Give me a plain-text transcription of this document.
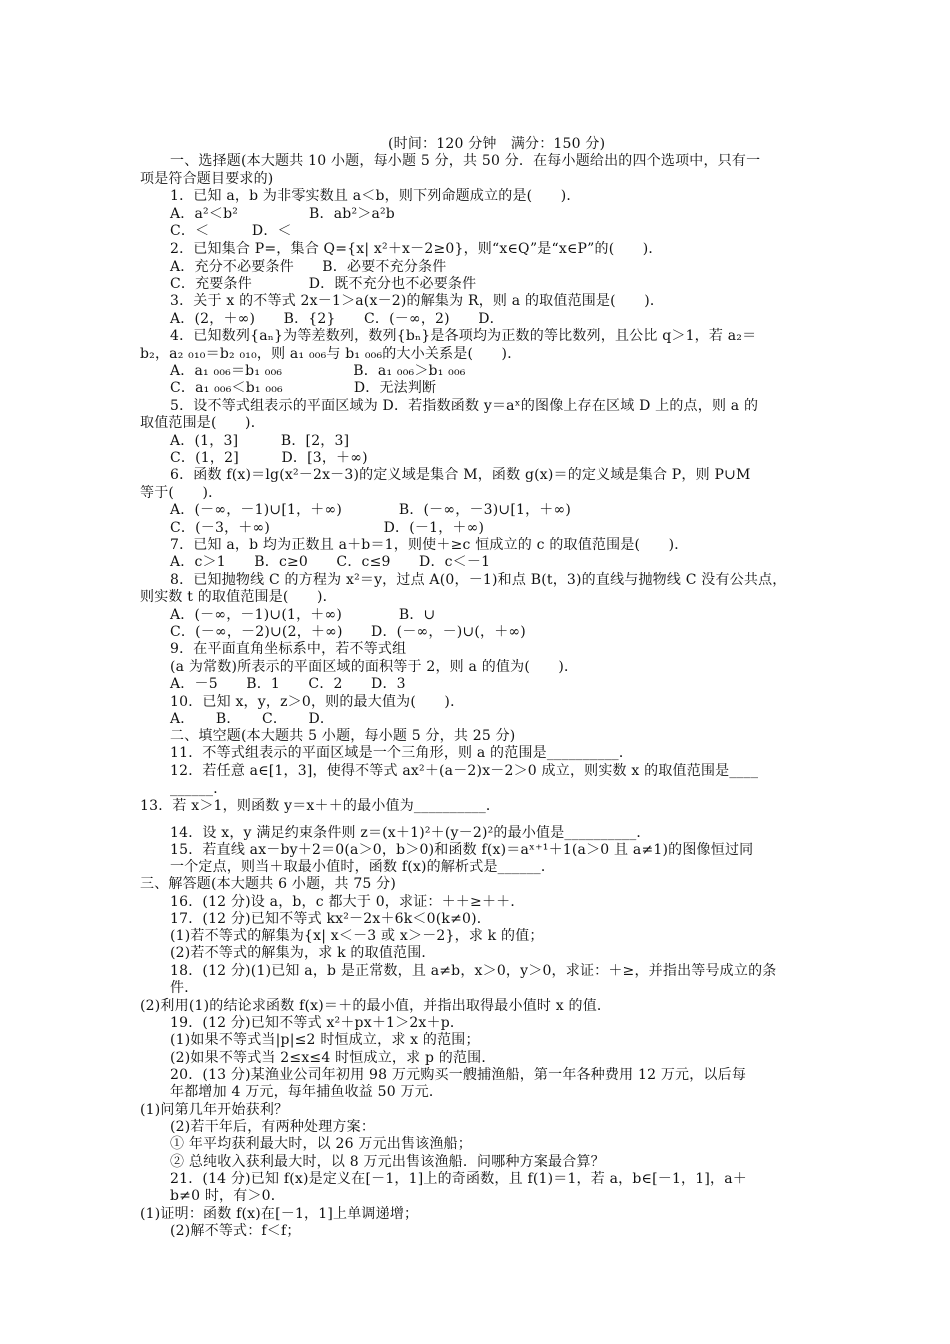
(时间：120 分钟　满分：150 分)
一、选择题(本大题共 10 小题，每小题 5 分，共 50 分．在每小题给出的四个选项中，只有一
项是符合题目要求的)
1．已知 a，b 为非零实数且 a＜b，则下列命题成立的是(　　)．
A．a²＜b²　　　　　B．ab²＞a²b
C．＜　　　D．＜
2．已知集合 P=，集合 Q={x| x²＋x－2≥0}，则“x∈Q”是“x∈P”的(　　)．
A．充分不必要条件　　B．必要不充分条件
C．充要条件　　　　D．既不充分也不必要条件
3．关于 x 的不等式 2x－1＞a(x－2)的解集为 R，则 a 的取值范围是(　　)．
A．(2，＋∞)　　B．{2}　　C．(－∞，2)　　D．
4．已知数列{aₙ}为等差数列，数列{bₙ}是各项均为正数的等比数列，且公比 q＞1，若 a₂＝
b₂，a₂ ₀₁₀＝b₂ ₀₁₀，则 a₁ ₀₀₆与 b₁ ₀₀₆的大小关系是(　　)．
A．a₁ ₀₀₆＝b₁ ₀₀₆　　　　　B．a₁ ₀₀₆＞b₁ ₀₀₆
C．a₁ ₀₀₆＜b₁ ₀₀₆　　　　　D．无法判断
5．设不等式组表示的平面区域为 D．若指数函数 y＝aˣ的图像上存在区域 D 上的点，则 a 的
取值范围是(　　)．
A．(1，3]　　　B．[2，3]
C．(1，2]　　　D．[3，＋∞)
6．函数 f(x)＝lg(x²－2x－3)的定义域是集合 M，函数 g(x)＝的定义域是集合 P，则 P∪M
等于(　　)．
A．(－∞，－1)∪[1，＋∞)　　　　B．(－∞，－3)∪[1，＋∞)
C．(－3，＋∞)　　　　　　　　D．(－1，＋∞)
7．已知 a，b 均为正数且 a＋b＝1，则使＋≥c 恒成立的 c 的取值范围是(　　)．
A．c＞1　　B．c≥0　　C．c≤9　　D．c＜－1
8．已知抛物线 C 的方程为 x²＝y，过点 A(0，－1)和点 B(t，3)的直线与抛物线 C 没有公共点，
则实数 t 的取值范围是(　　)．
A．(－∞，－1)∪(1，＋∞)　　　　B．∪
C．(－∞，－2)∪(2，＋∞)　　D．(－∞，－)∪(，＋∞)
9．在平面直角坐标系中，若不等式组
(a 为常数)所表示的平面区域的面积等于 2，则 a 的值为(　　)．
A．－5　　B．1　　C．2　　D．3
10．已知 x，y，z＞0，则的最大值为(　　)．
A．　　B．　　C．　　D．
二、填空题(本大题共 5 小题，每小题 5 分，共 25 分)
11．不等式组表示的平面区域是一个三角形，则 a 的范围是__________．
12．若任意 a∈[1，3]，使得不等式 ax²＋(a－2)x－2＞0 成立，则实数 x 的取值范围是____
______．
13．若 x＞1，则函数 y＝x＋＋的最小值为__________．
14．设 x，y 满足约束条件则 z＝(x＋1)²＋(y－2)²的最小值是__________．
15．若直线 ax－by＋2＝0(a＞0，b＞0)和函数 f(x)＝aˣ⁺¹＋1(a＞0 且 a≠1)的图像恒过同
一个定点，则当＋取最小值时，函数 f(x)的解析式是______．
三、解答题(本大题共 6 小题，共 75 分)
16．(12 分)设 a，b，c 都大于 0，求证：＋＋≥＋＋．
17．(12 分)已知不等式 kx²－2x＋6k＜0(k≠0)．
(1)若不等式的解集为{x| x＜－3 或 x＞－2}，求 k 的值；
(2)若不等式的解集为，求 k 的取值范围．
18．(12 分)(1)已知 a，b 是正常数，且 a≠b，x＞0，y＞0，求证：＋≥，并指出等号成立的条
件．
(2)利用(1)的结论求函数 f(x)＝＋的最小值，并指出取得最小值时 x 的值．
19．(12 分)已知不等式 x²＋px＋1＞2x＋p．
(1)如果不等式当|p|≤2 时恒成立，求 x 的范围；
(2)如果不等式当 2≤x≤4 时恒成立，求 p 的范围．
20．(13 分)某渔业公司年初用 98 万元购买一艘捕渔船，第一年各种费用 12 万元，以后每
年都增加 4 万元，每年捕鱼收益 50 万元．
(1)问第几年开始获利？
(2)若干年后，有两种处理方案：
① 年平均获利最大时，以 26 万元出售该渔船；
② 总纯收入获利最大时，以 8 万元出售该渔船．问哪种方案最合算？
21．(14 分)已知 f(x)是定义在[－1，1]上的奇函数，且 f(1)＝1，若 a，b∈[－1，1]，a＋
b≠0 时，有＞0．
(1)证明：函数 f(x)在[－1，1]上单调递增；
(2)解不等式：f＜f；
